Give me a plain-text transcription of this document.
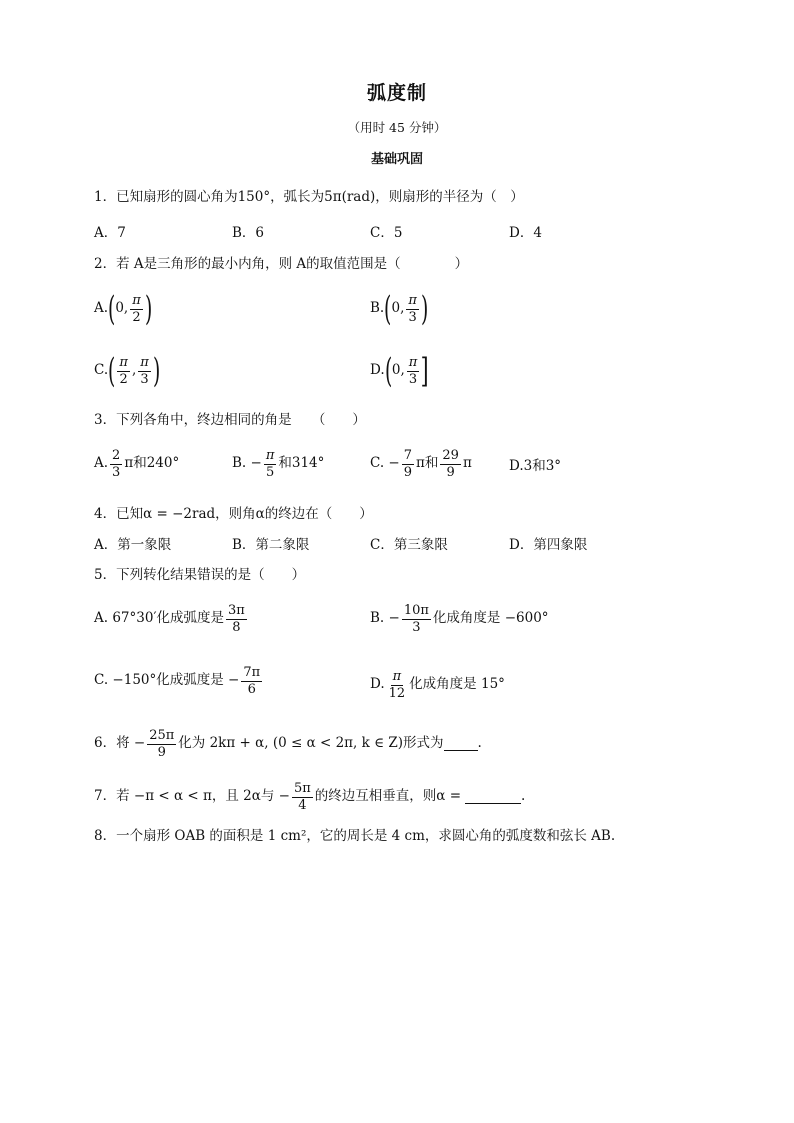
弧度制
（用时 45 分钟）
基础巩固
1．已知扇形的圆心角为150°，弧长为5π(rad)，则扇形的半径为（　）
A．7	B．6	C．5	D．4
2．若 A是三角形的最小内角，则 A的取值范围是（　　　　）
A. ( 0, $\frac{\pi}{2}$ )	B. ( 0, $\frac{\pi}{3}$ )
C. ( $\frac{\pi}{2}$ , $\frac{\pi}{3}$ )	D. ( 0, $\frac{\pi}{3}$ ]
3．下列各角中，终边相同的角是　　（　　）
A. $\frac{2}{3}$ π和240°	B. − $\frac{\pi}{5}$ 和314°	C. − $\frac{7}{9}$ π和 $\frac{29}{9}$ π	D.3和3°
4．已知α = −2rad，则角α的终边在（　　）
A．第一象限	B．第二象限	C．第三象限	D．第四象限
5．下列转化结果错误的是（　　）
A. 67°30′化成弧度是 $\frac{3\pi}{8}$	B. − $\frac{10\pi}{3}$ 化成角度是 −600°
C. −150°化成弧度是 − $\frac{7\pi}{6}$	D. $\frac{\pi}{12}$ 化成角度是 15°
6．将 − $\frac{25\pi}{9}$ 化为 2kπ + α, (0 ≤ α < 2π, k ∈ Z)形式为	.
7．若 −π < α < π，且 2α与 − $\frac{5\pi}{4}$ 的终边互相垂直，则α =	.
8．一个扇形 OAB 的面积是 1 cm²，它的周长是 4 cm，求圆心角的弧度数和弦长 AB.
